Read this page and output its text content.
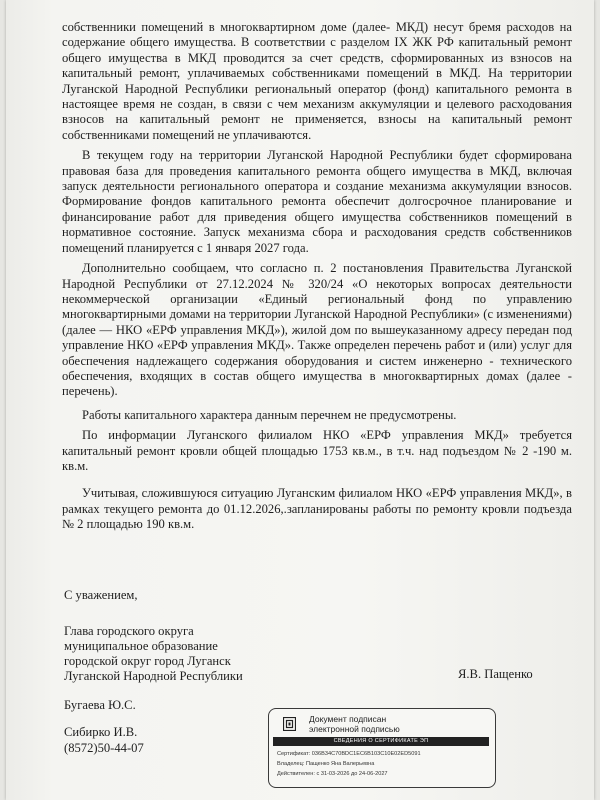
собственники помещений в многоквартирном доме (далее- МКД) несут бремя расходов на содержание общего имущества. В соответствии с разделом IX ЖК РФ капитальный ремонт общего имущества в МКД проводится за счет средств, сформированных из взносов на капитальный ремонт, уплачиваемых собственниками помещений в МКД. На территории Луганской Народной Республики региональный оператор (фонд) капитального ремонта в настоящее время не создан, в связи с чем механизм аккумуляции и целевого расходования взносов на капитальный ремонт не применяется, взносы на капитальный ремонт собственниками помещений не уплачиваются.

В текущем году на территории Луганской Народной Республики будет сформирована правовая база для проведения капитального ремонта общего имущества в МКД, включая запуск деятельности регионального оператора и создание механизма аккумуляции взносов. Формирование фондов капитального ремонта обеспечит долгосрочное планирование и финансирование работ для приведения общего имущества собственников помещений в нормативное состояние. Запуск механизма сбора и расходования средств собственников помещений планируется с 1 января 2027 года.

Дополнительно сообщаем, что согласно п. 2 постановления Правительства Луганской Народной Республики от 27.12.2024 № 320/24 «О некоторых вопросах деятельности некоммерческой организации «Единый региональный фонд по управлению многоквартирными домами на территории Луганской Народной Республики» (с изменениями) (далее — НКО «ЕРФ управления МКД»), жилой дом по вышеуказанному адресу передан под управление НКО «ЕРФ управления МКД». Также определен перечень работ и (или) услуг для обеспечения надлежащего содержания оборудования и систем инженерно - технического обеспечения, входящих в состав общего имущества в многоквартирных домах (далее - перечень).

Работы капитального характера данным перечнем не предусмотрены.

По информации Луганского филиалом НКО «ЕРФ управления МКД» требуется капитальный ремонт кровли общей площадью 1753 кв.м., в т.ч. над подъездом № 2 -190 м. кв.м.

Учитывая, сложившуюся ситуацию Луганским филиалом НКО «ЕРФ управления МКД», в рамках текущего ремонта до 01.12.2026,.запланированы работы по ремонту кровли подъезда № 2 площадью 190 кв.м.

С уважением,
Глава городского округа
муниципальное образование
городской округ город Луганск
Луганской Народной Республики	Я.В. Пащенко
Бугаева Ю.С.
Сибирко И.В.
(8572)50-44-07
Документ подписан
электронной подписью
СВЕДЕНИЯ О СЕРТИФИКАТЕ ЭП
Сертификат: 036B34C70BDC1EC6B103C10E02ED5091
Владелец: Пащенко Яна Валерьевна
Действителен: с 31-03-2026 до 24-06-2027
